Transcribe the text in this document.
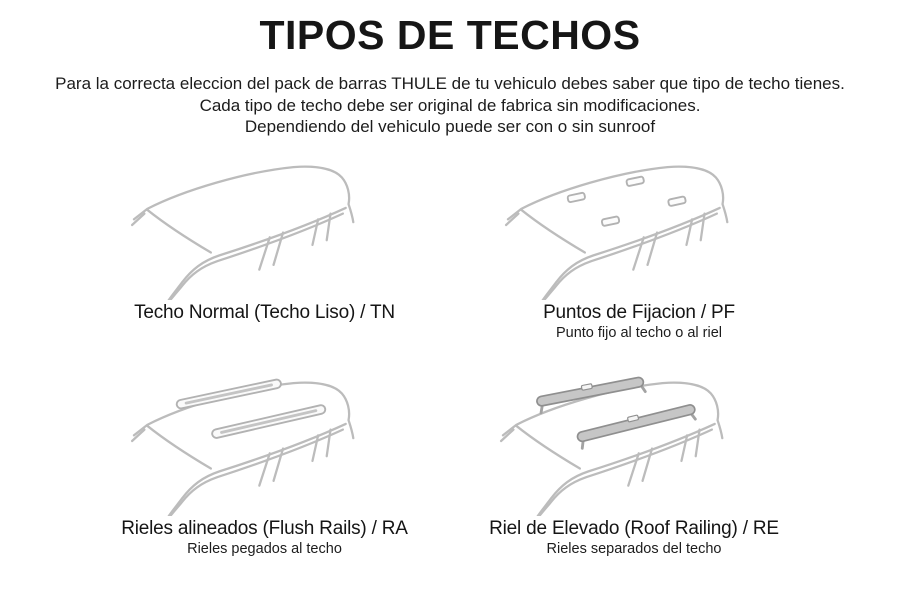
TIPOS DE TECHOS
Para la correcta eleccion del pack de barras THULE de tu vehiculo debes saber que tipo de techo tienes.
Cada tipo de techo debe ser original de fabrica sin modificaciones.
Dependiendo del vehiculo puede ser con o sin sunroof
Techo Normal (Techo Liso) / TN	Puntos de Fijacion / PF
Punto fijo al techo o al riel
Rieles alineados (Flush Rails) / RA
Rieles pegados al techo
Riel de Elevado (Roof Railing) / RE
Rieles separados del techo
